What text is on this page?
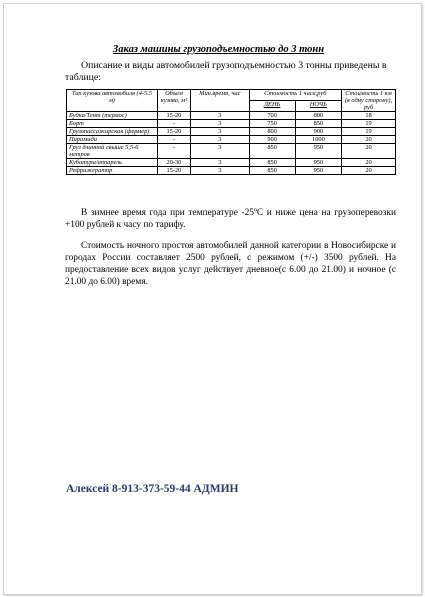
Заказ машины грузоподъемностью до 3 тонн
Описание и виды автомобилей грузоподъемностью 3 тонны приведены в таблице:
Тип кузова автомобиля (4-5.5 м)	Объем кузова, м³	Мин.время, час	Стоимость 1 часа,руб		Стоимость 1 км (в одну сторону), руб
			ДЕНЬ	НОЧЬ	
Будка/Тент (термос)	15-20	3	700	800	18
Борт	-	3	750	850	19
Грузопассажирская (фермер)	15-20	3	800	900	19
Пирамида	-	3	900	1000	20
Груз длинной свыше 5,5-6 метров	-	3	850	950	20
Кубатура/аппарель	20-30	3	850	950	20
Рефрижератор	15-20	3	850	950	20
В зимнее время года при температуре -25ºС и ниже цена на грузоперевозки +100 рублей к часу по тарифу.
Стоимость ночного простоя автомобилей данной категории в Новосибирске и городах России составляет 2500 рублей, с режимом (+/-) 3500 рублей. На предоставление всех видов услуг действует дневное(с 6.00 до 21.00) и ночное (с 21.00 до 6.00) время.
Алексей 8-913-373-59-44 АДМИН
